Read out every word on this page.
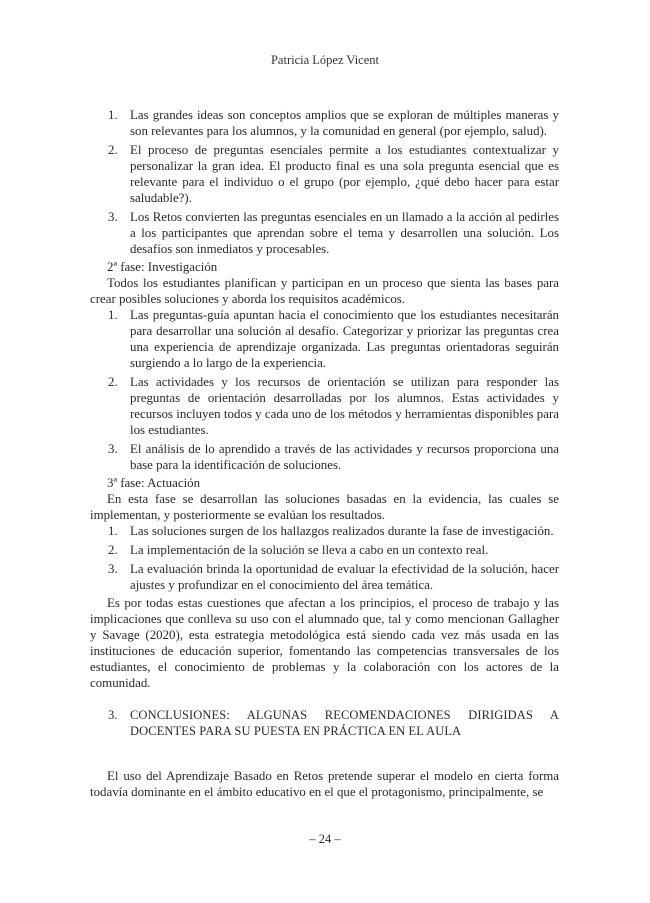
Patricia López Vicent
1. Las grandes ideas son conceptos amplios que se exploran de múltiples maneras y son relevantes para los alumnos, y la comunidad en general (por ejemplo, salud).
2. El proceso de preguntas esenciales permite a los estudiantes contextualizar y personalizar la gran idea. El producto final es una sola pregunta esencial que es relevante para el individuo o el grupo (por ejemplo, ¿qué debo hacer para estar saludable?).
3. Los Retos convierten las preguntas esenciales en un llamado a la acción al pedirles a los participantes que aprendan sobre el tema y desarrollen una solución. Los desafíos son inmediatos y procesables.

2ª fase: Investigación

Todos los estudiantes planifican y participan en un proceso que sienta las bases para crear posibles soluciones y aborda los requisitos académicos.

1. Las preguntas-guía apuntan hacia el conocimiento que los estudiantes necesitarán para desarrollar una solución al desafío. Categorizar y priorizar las preguntas crea una experiencia de aprendizaje organizada. Las preguntas orientadoras seguirán surgiendo a lo largo de la experiencia.
2. Las actividades y los recursos de orientación se utilizan para responder las preguntas de orientación desarrolladas por los alumnos. Estas actividades y recursos incluyen todos y cada uno de los métodos y herramientas disponibles para los estudiantes.
3. El análisis de lo aprendido a través de las actividades y recursos proporciona una base para la identificación de soluciones.

3ª fase: Actuación

En esta fase se desarrollan las soluciones basadas en la evidencia, las cuales se implementan, y posteriormente se evalúan los resultados.

1. Las soluciones surgen de los hallazgos realizados durante la fase de investigación.
2. La implementación de la solución se lleva a cabo en un contexto real.
3. La evaluación brinda la oportunidad de evaluar la efectividad de la solución, hacer ajustes y profundizar en el conocimiento del área temática.

Es por todas estas cuestiones que afectan a los principios, el proceso de trabajo y las implicaciones que conlleva su uso con el alumnado que, tal y como mencionan Gallagher y Savage (2020), esta estrategia metodológica está siendo cada vez más usada en las instituciones de educación superior, fomentando las competencias transversales de los estudiantes, el conocimiento de problemas y la colaboración con los actores de la comunidad.

3. CONCLUSIONES: ALGUNAS RECOMENDACIONES DIRIGIDAS A DOCENTES PARA SU PUESTA EN PRÁCTICA EN EL AULA

El uso del Aprendizaje Basado en Retos pretende superar el modelo en cierta forma todavía dominante en el ámbito educativo en el que el protagonismo, principalmente, se

– 24 –
